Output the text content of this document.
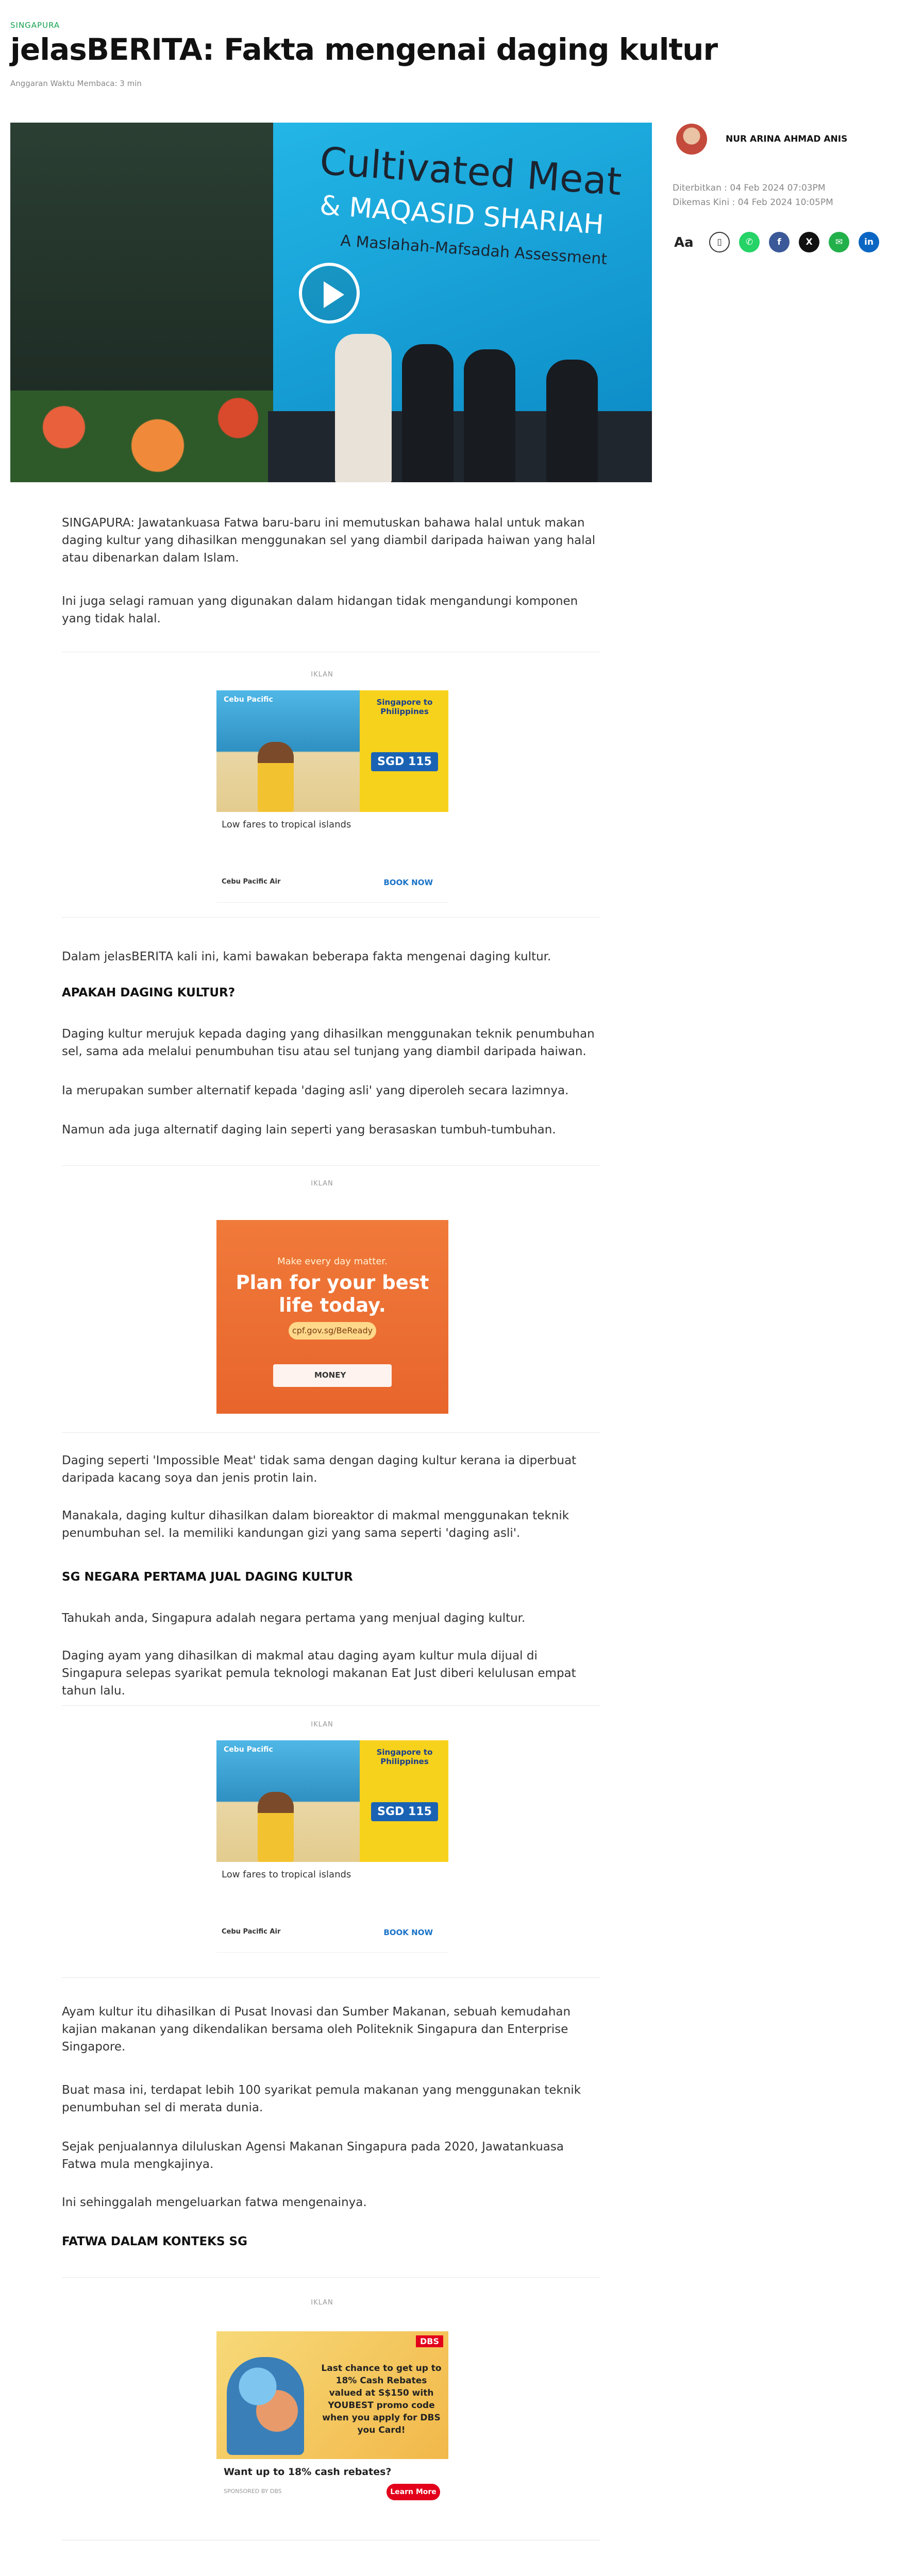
SINGAPURA
jelasBERITA: Fakta mengenai daging kultur
Anggaran Waktu Membaca: 3 min
Cultivated Meat
& MAQASID SHARIAH
A Maslahah-Mafsadah Assessment
NUR ARINA AHMAD ANIS
Diterbitkan : 04 Feb 2024 07:03PM
Dikemas Kini : 04 Feb 2024 10:05PM
Aa	▯	✆	f	X	✉	in

SINGAPURA: Jawatankuasa Fatwa baru-baru ini memutuskan bahawa halal untuk makan daging kultur yang dihasilkan menggunakan sel yang diambil daripada haiwan yang halal atau dibenarkan dalam Islam.

Ini juga selagi ramuan yang digunakan dalam hidangan tidak mengandungi komponen yang tidak halal.

IKLAN
Cebu Pacific	Singapore to Philippines
SGD 115
Low fares to tropical islands
Cebu Pacific Air	BOOK NOW

Dalam jelasBERITA kali ini, kami bawakan beberapa fakta mengenai daging kultur.

APAKAH DAGING KULTUR?

Daging kultur merujuk kepada daging yang dihasilkan menggunakan teknik penumbuhan sel, sama ada melalui penumbuhan tisu atau sel tunjang yang diambil daripada haiwan.

Ia merupakan sumber alternatif kepada 'daging asli' yang diperoleh secara lazimnya.

Namun ada juga alternatif daging lain seperti yang berasaskan tumbuh-tumbuhan.

IKLAN
Make every day matter.
Plan for your best life today.
cpf.gov.sg/BeReady
MONEY

Daging seperti 'Impossible Meat' tidak sama dengan daging kultur kerana ia diperbuat daripada kacang soya dan jenis protin lain.

Manakala, daging kultur dihasilkan dalam bioreaktor di makmal menggunakan teknik penumbuhan sel. Ia memiliki kandungan gizi yang sama seperti 'daging asli'.

SG NEGARA PERTAMA JUAL DAGING KULTUR

Tahukah anda, Singapura adalah negara pertama yang menjual daging kultur.

Daging ayam yang dihasilkan di makmal atau daging ayam kultur mula dijual di Singapura selepas syarikat pemula teknologi makanan Eat Just diberi kelulusan empat tahun lalu.

IKLAN
Cebu Pacific	Singapore to Philippines
SGD 115
Low fares to tropical islands
Cebu Pacific Air	BOOK NOW

Ayam kultur itu dihasilkan di Pusat Inovasi dan Sumber Makanan, sebuah kemudahan kajian makanan yang dikendalikan bersama oleh Politeknik Singapura dan Enterprise Singapore.

Buat masa ini, terdapat lebih 100 syarikat pemula makanan yang menggunakan teknik penumbuhan sel di merata dunia.

Sejak penjualannya diluluskan Agensi Makanan Singapura pada 2020, Jawatankuasa Fatwa mula mengkajinya.

Ini sehinggalah mengeluarkan fatwa mengenainya.

FATWA DALAM KONTEKS SG
IKLAN
DBS
Last chance to get up to 18% Cash Rebates valued at S$150 with YOUBEST promo code when you apply for DBS you Card!
Want up to 18% cash rebates?
SPONSORED BY DBS	Learn More
